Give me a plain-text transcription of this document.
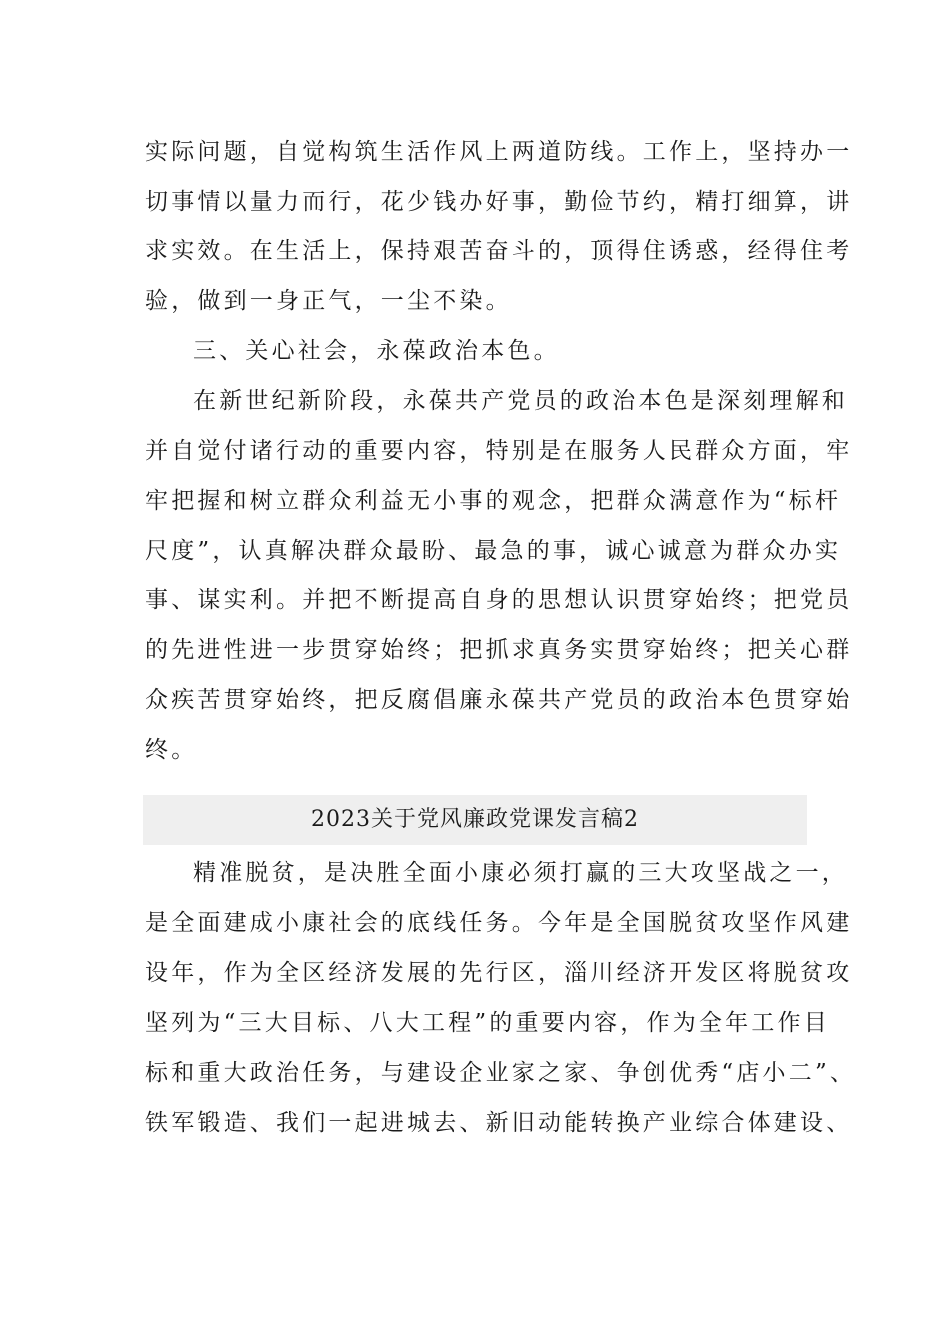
实际问题，自觉构筑生活作风上两道防线。工作上，坚持办一
切事情以量力而行，花少钱办好事，勤俭节约，精打细算，讲
求实效。在生活上，保持艰苦奋斗的，顶得住诱惑，经得住考
验，做到一身正气，一尘不染。
三、关心社会，永葆政治本色。
在新世纪新阶段，永葆共产党员的政治本色是深刻理解和
并自觉付诸行动的重要内容，特别是在服务人民群众方面，牢
牢把握和树立群众利益无小事的观念，把群众满意作为“标杆
尺度”，认真解决群众最盼、最急的事，诚心诚意为群众办实
事、谋实利。并把不断提高自身的思想认识贯穿始终；把党员
的先进性进一步贯穿始终；把抓求真务实贯穿始终；把关心群
众疾苦贯穿始终，把反腐倡廉永葆共产党员的政治本色贯穿始
终。
2023关于党风廉政党课发言稿2
精准脱贫，是决胜全面小康必须打赢的三大攻坚战之一，
是全面建成小康社会的底线任务。今年是全国脱贫攻坚作风建
设年，作为全区经济发展的先行区，淄川经济开发区将脱贫攻
坚列为“三大目标、八大工程”的重要内容，作为全年工作目
标和重大政治任务，与建设企业家之家、争创优秀“店小二”、
铁军锻造、我们一起进城去、新旧动能转换产业综合体建设、
